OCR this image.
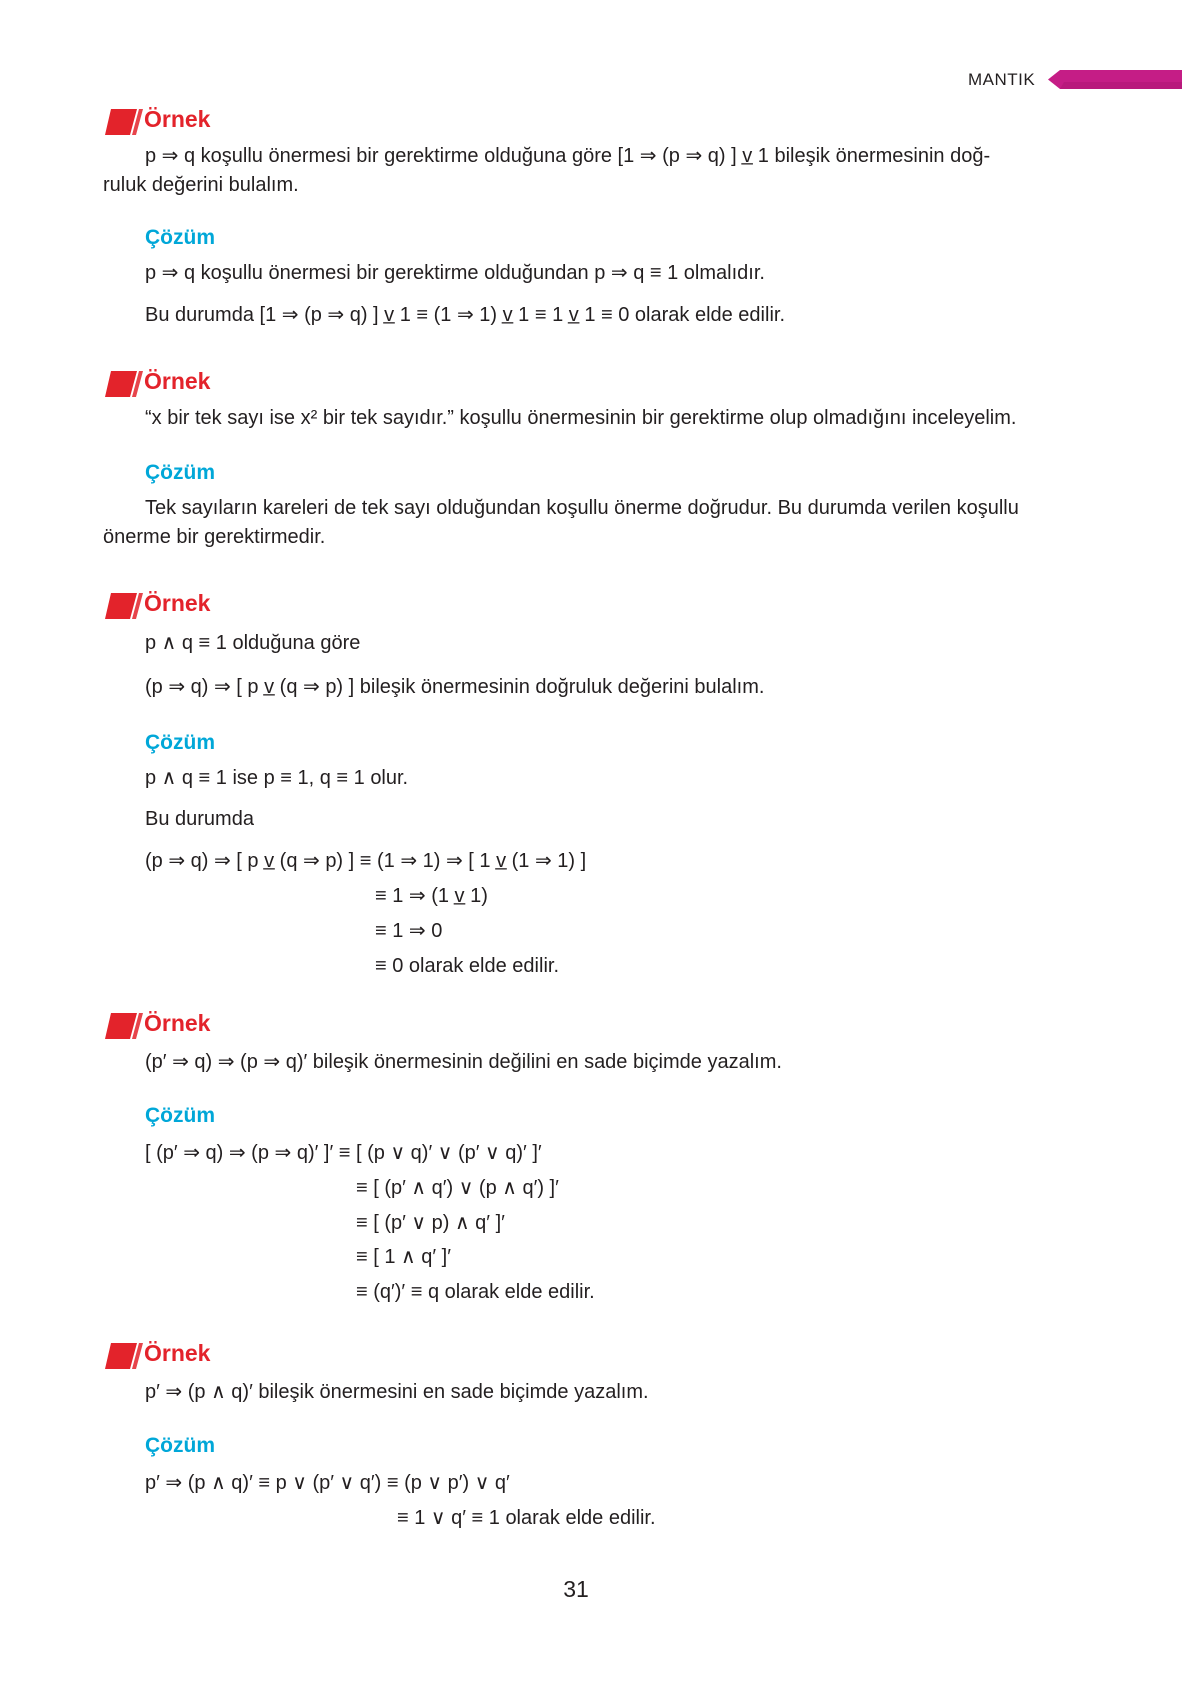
MANTIK
Örnek
p ⇒ q koşullu önermesi bir gerektirme olduğuna göre [1 ⇒ (p ⇒ q) ] v̲ 1 bileşik önermesinin doğ-
ruluk değerini bulalım.
Çözüm
p ⇒ q koşullu önermesi bir gerektirme olduğundan p ⇒ q ≡ 1 olmalıdır.
Bu durumda [1 ⇒ (p ⇒ q) ] v̲ 1 ≡ (1 ⇒ 1) v̲ 1 ≡ 1 v̲ 1 ≡ 0 olarak elde edilir.
Örnek
“x bir tek sayı ise x² bir tek sayıdır.” koşullu önermesinin bir gerektirme olup olmadığını inceleyelim.
Çözüm
Tek sayıların kareleri de tek sayı olduğundan koşullu önerme doğrudur. Bu durumda verilen koşullu
önerme bir gerektirmedir.
Örnek
p ∧ q ≡ 1 olduğuna göre
(p ⇒ q) ⇒ [ p v̲ (q ⇒ p) ] bileşik önermesinin doğruluk değerini bulalım.
Çözüm
p ∧ q ≡ 1 ise p ≡ 1, q ≡ 1 olur.
Bu durumda
(p ⇒ q) ⇒ [ p v̲ (q ⇒ p) ] ≡ (1 ⇒ 1) ⇒ [ 1 v̲ (1 ⇒ 1) ]
≡ 1 ⇒ (1 v̲ 1)
≡ 1 ⇒ 0
≡ 0 olarak elde edilir.
Örnek
(p′ ⇒ q) ⇒ (p ⇒ q)′ bileşik önermesinin değilini en sade biçimde yazalım.
Çözüm
[ (p′ ⇒ q) ⇒ (p ⇒ q)′ ]′ ≡ [ (p ∨ q)′ ∨ (p′ ∨ q)′ ]′
≡ [ (p′ ∧ q′) ∨ (p ∧ q′) ]′
≡ [ (p′ ∨ p) ∧ q′ ]′
≡ [ 1 ∧ q′ ]′
≡ (q′)′ ≡ q olarak elde edilir.
Örnek
p′ ⇒ (p ∧ q)′ bileşik önermesini en sade biçimde yazalım.
Çözüm
p′ ⇒ (p ∧ q)′ ≡ p ∨ (p′ ∨ q′) ≡ (p ∨ p′) ∨ q′
≡ 1 ∨ q′ ≡ 1 olarak elde edilir.
31
